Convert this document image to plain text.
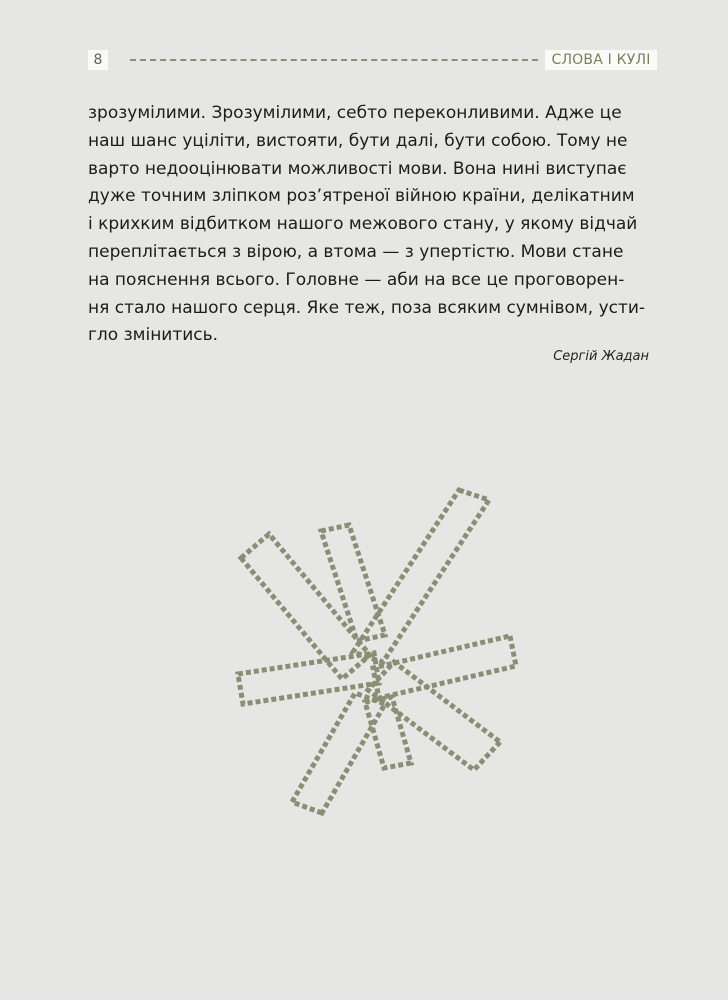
8	СЛОВА І КУЛІ
зрозумілими. Зрозумілими, себто переконливими. Адже це
наш шанс уціліти, вистояти, бути далі, бути собою. Тому не
варто недооцінювати можливості мови. Вона нині виступає
дуже точним зліпком роз’ятреної війною країни, делікатним
і крихким відбитком нашого межового стану, у якому відчай
переплітається з вірою, а втома — з упертістю. Мови стане
на пояснення всього. Головне — аби на все це проговорен-
ня стало нашого серця. Яке теж, поза всяким сумнівом, усти-
гло змінитись.

Сергій Жадан
